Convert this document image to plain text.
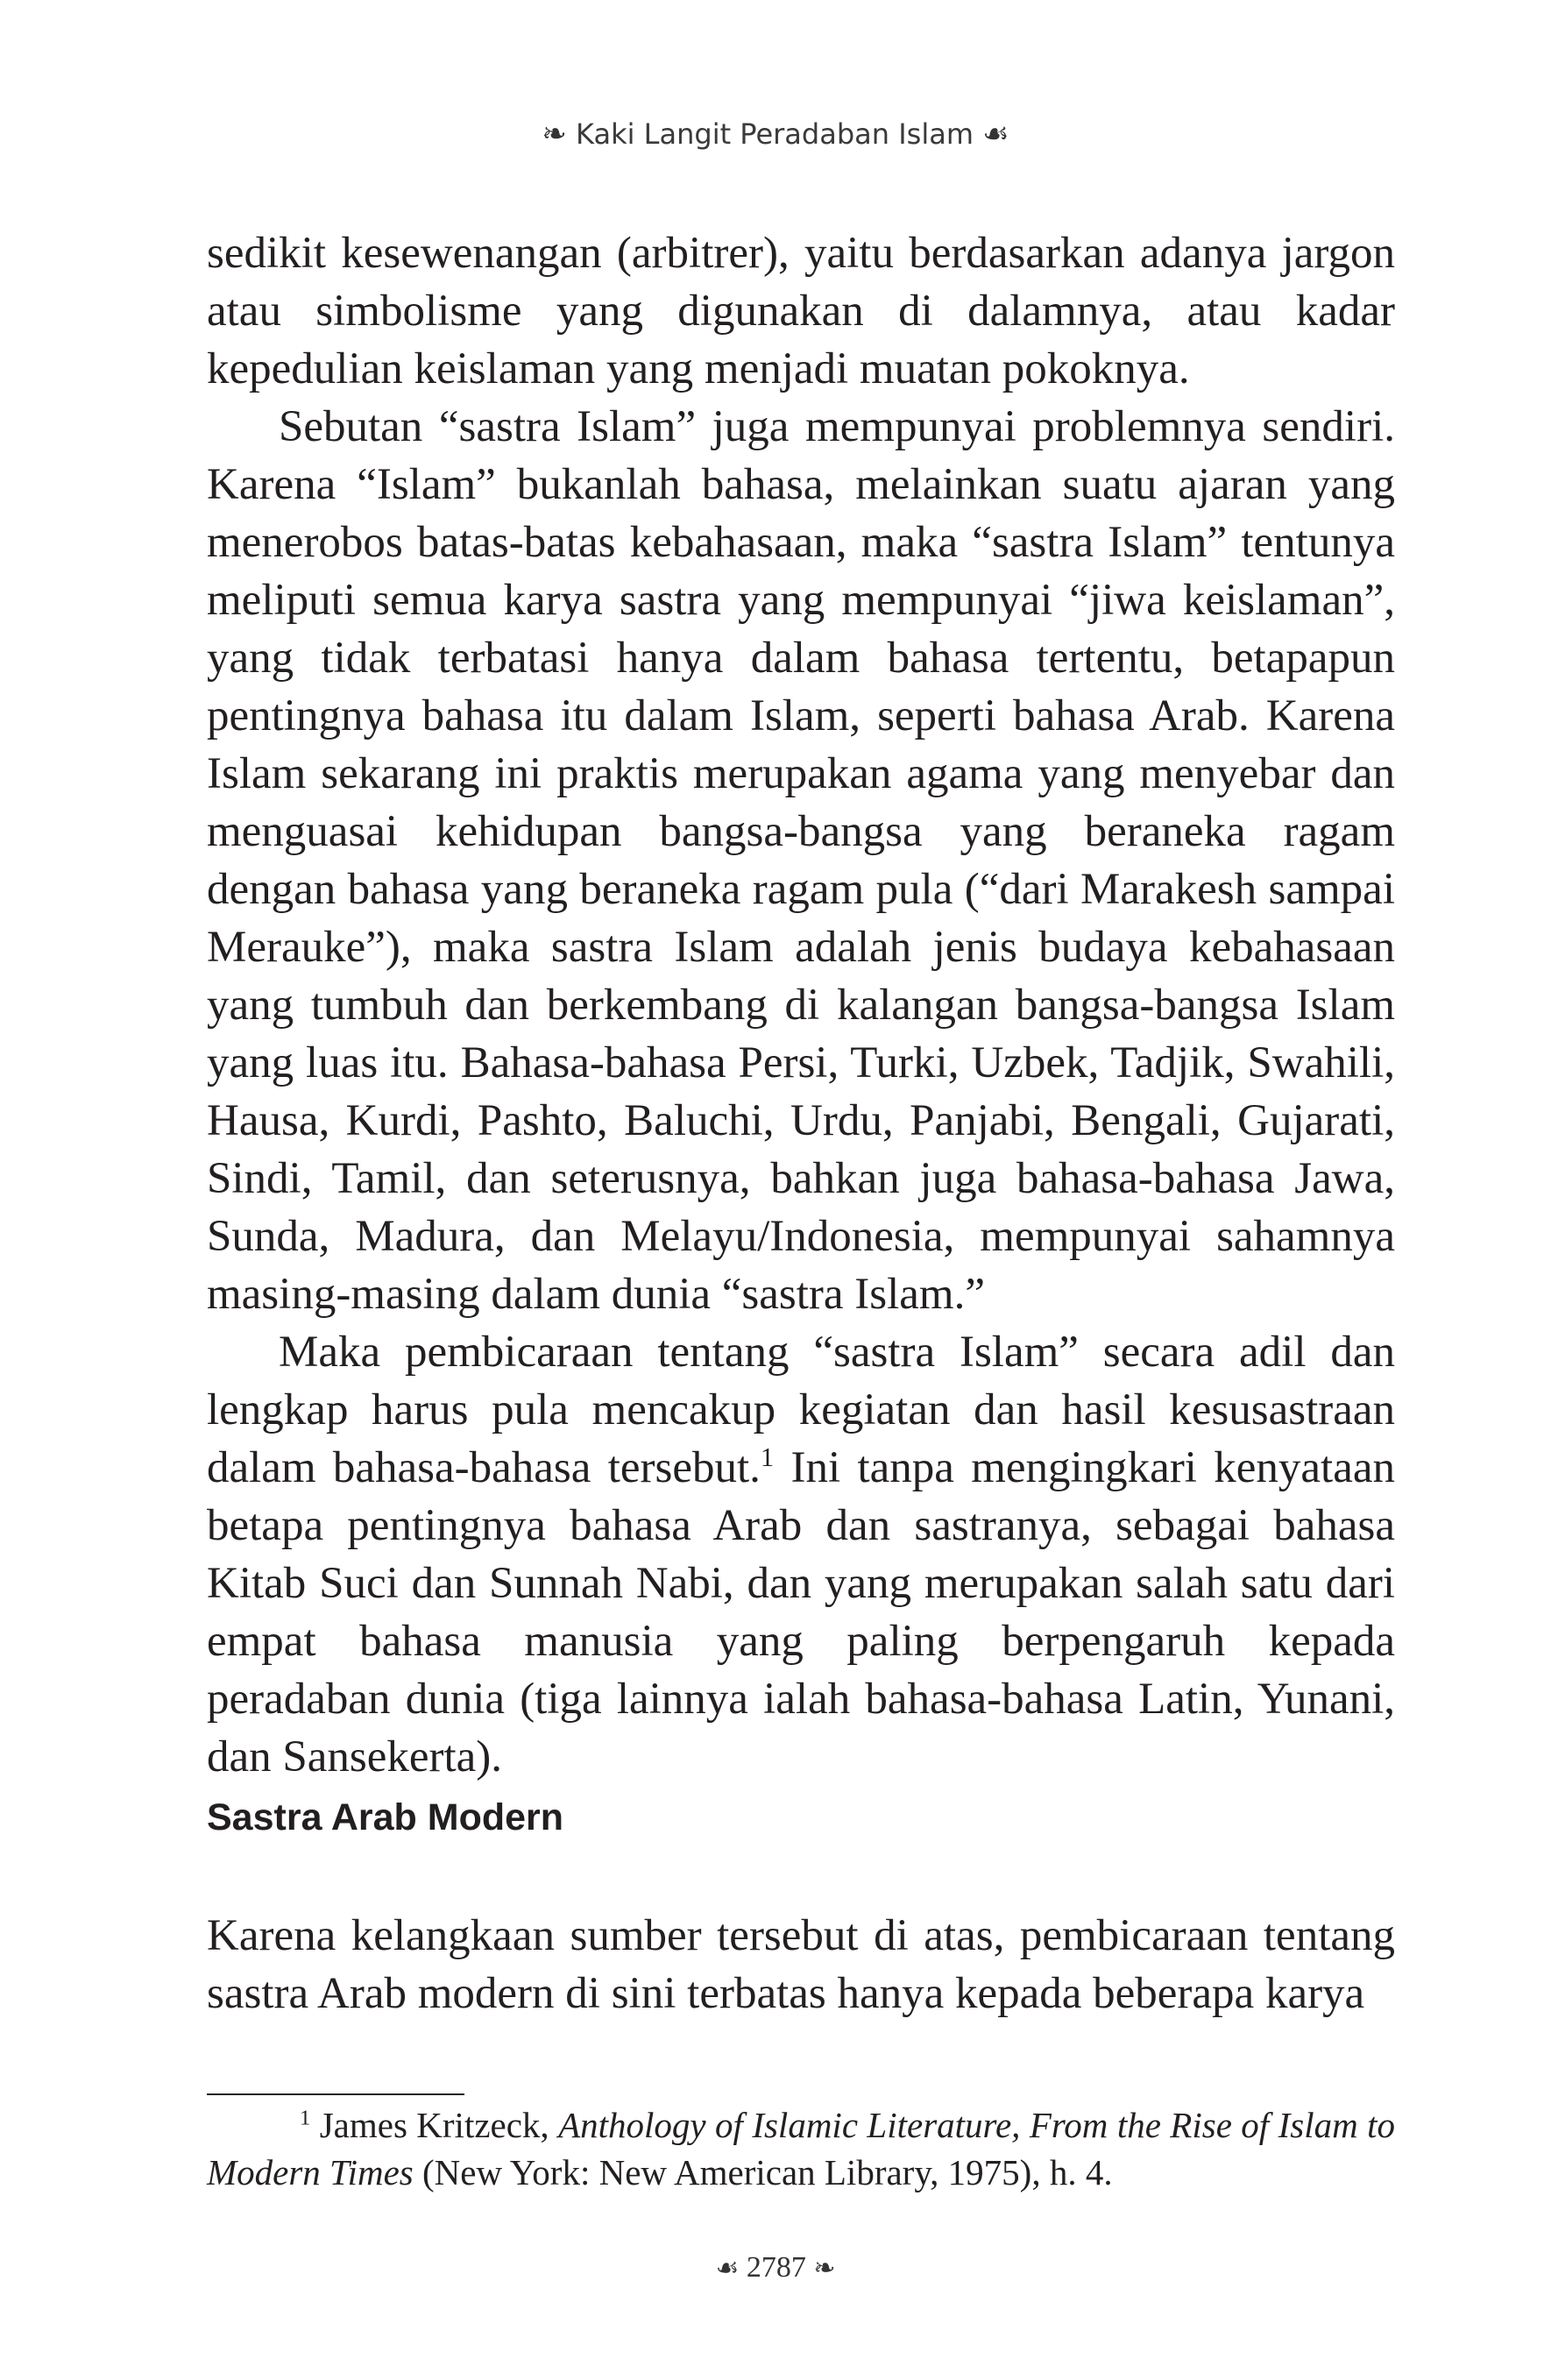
❧ Kaki Langit Peradaban Islam ☙

sedikit kesewenangan (arbitrer), yaitu berdasarkan adanya jargon atau simbolisme yang digunakan di dalamnya, atau kadar kepedulian keislaman yang menjadi muatan pokoknya.

Sebutan “sastra Islam” juga mempunyai problemnya sendiri. Karena “Islam” bukanlah bahasa, melainkan suatu ajaran yang menerobos batas-batas kebahasaan, maka “sastra Islam” tentunya meliputi semua karya sastra yang mempunyai “jiwa keislaman”, yang tidak terbatasi hanya dalam bahasa tertentu, betapapun pentingnya bahasa itu dalam Islam, seperti bahasa Arab. Karena Islam sekarang ini praktis merupakan agama yang menyebar dan menguasai kehidupan bangsa-bangsa yang beraneka ragam dengan bahasa yang beraneka ragam pula (“dari Marakesh sampai Merauke”), maka sastra Islam adalah jenis budaya kebahasaan yang tumbuh dan berkembang di kalangan bangsa-bangsa Islam yang luas itu. Bahasa-bahasa Persi, Turki, Uzbek, Tadjik, Swahili, Hausa, Kurdi, Pashto, Baluchi, Urdu, Panjabi, Bengali, Gujarati, Sindi, Tamil, dan seterusnya, bahkan juga bahasa-bahasa Jawa, Sunda, Madura, dan Melayu/Indonesia, mempunyai sahamnya masing-masing dalam dunia “sastra Islam.”

Maka pembicaraan tentang “sastra Islam” secara adil dan lengkap harus pula mencakup kegiatan dan hasil kesusastraan dalam bahasa-bahasa tersebut.$^1$ Ini tanpa mengingkari kenyataan betapa pentingnya bahasa Arab dan sastranya, sebagai bahasa Kitab Suci dan Sunnah Nabi, dan yang merupakan salah satu dari empat bahasa manusia yang paling berpengaruh kepada peradaban dunia (tiga lainnya ialah bahasa-bahasa Latin, Yunani, dan Sansekerta).

Sastra Arab Modern

Karena kelangkaan sumber tersebut di atas, pembicaraan tentang sastra Arab modern di sini terbatas hanya kepada beberapa karya

$^1$ James Kritzeck, Anthology of Islamic Literature, From the Rise of Islam to Modern Times (New York: New American Library, 1975), h. 4.

☙ 2787 ❧
